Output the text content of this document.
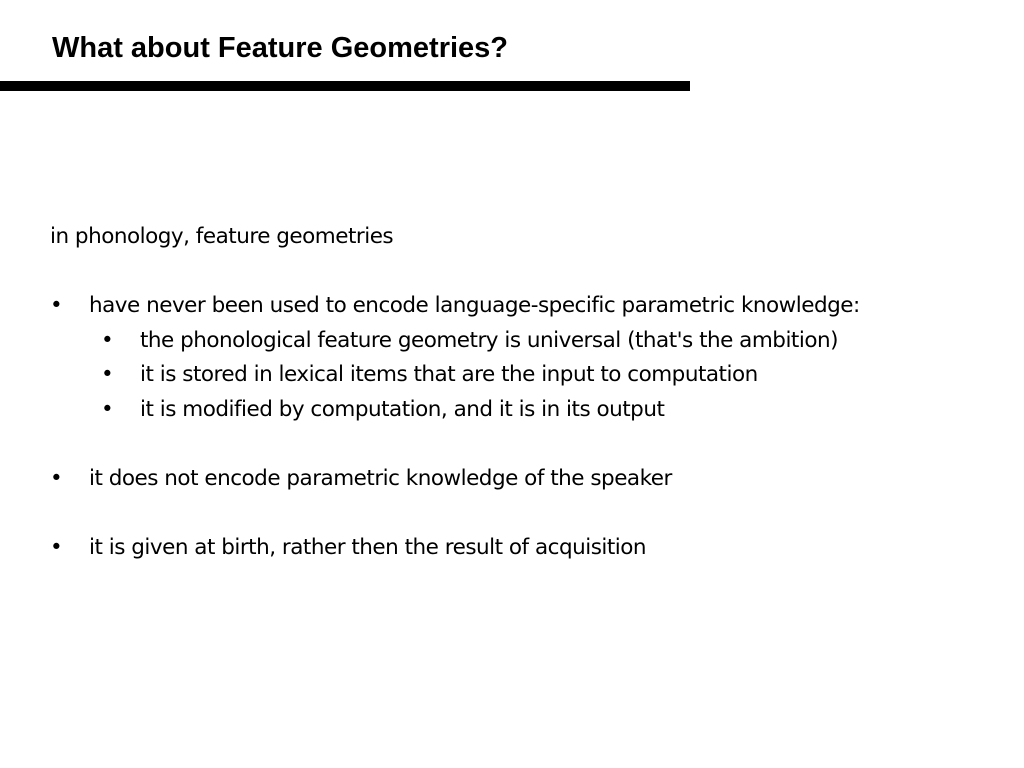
What about Feature Geometries?

in phonology, feature geometries

• have never been used to encode language-specific parametric knowledge:
• the phonological feature geometry is universal (that's the ambition)
• it is stored in lexical items that are the input to computation
• it is modified by computation, and it is in its output
• it does not encode parametric knowledge of the speaker
• it is given at birth, rather then the result of acquisition
